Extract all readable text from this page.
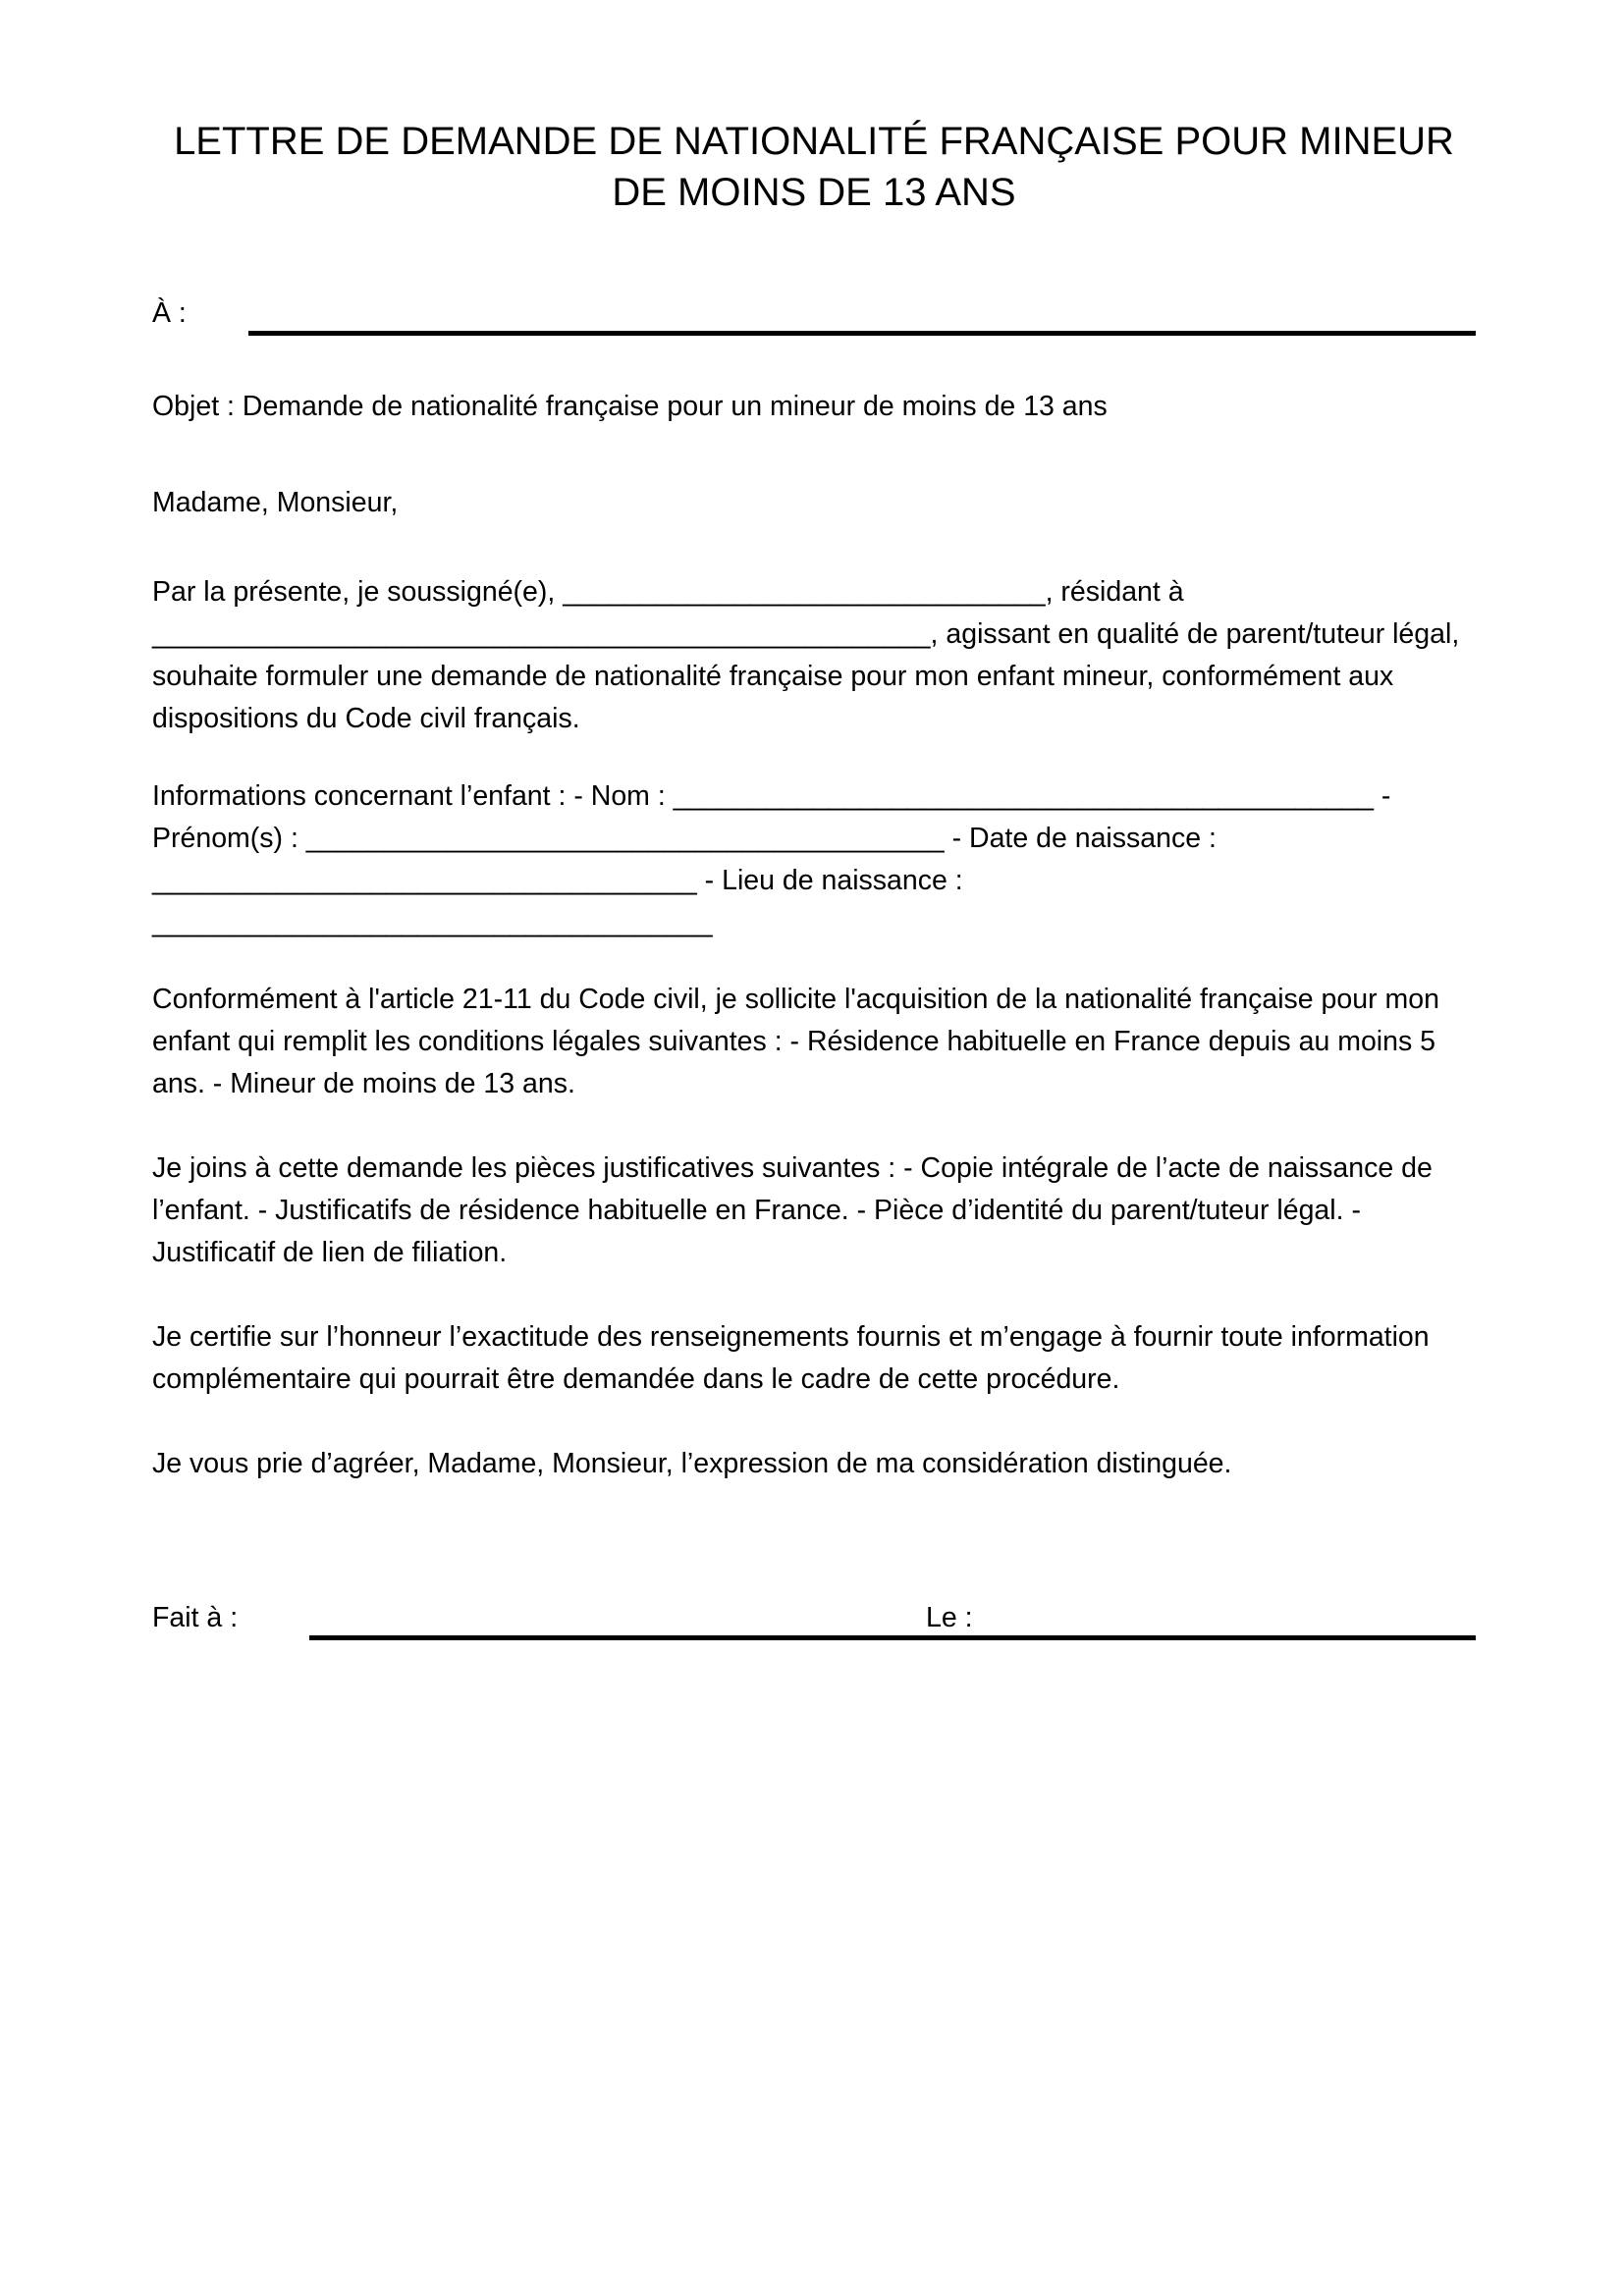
LETTRE DE DEMANDE DE NATIONALITÉ FRANÇAISE POUR MINEUR
DE MOINS DE 13 ANS
À :

Objet : Demande de nationalité française pour un mineur de moins de 13 ans

Madame, Monsieur,

Par la présente, je soussigné(e), _______________________________, résidant à __________________________________________________, agissant en qualité de parent/tuteur légal, souhaite formuler une demande de nationalité française pour mon enfant mineur, conformément aux dispositions du Code civil français.

Informations concernant l’enfant : - Nom : _____________________________________________ - Prénom(s) : _________________________________________ - Date de naissance : ___________________________________ - Lieu de naissance : ____________________________________

Conformément à l'article 21-11 du Code civil, je sollicite l'acquisition de la nationalité française pour mon enfant qui remplit les conditions légales suivantes : - Résidence habituelle en France depuis au moins 5 ans. - Mineur de moins de 13 ans.

Je joins à cette demande les pièces justificatives suivantes : - Copie intégrale de l’acte de naissance de l’enfant. - Justificatifs de résidence habituelle en France. - Pièce d’identité du parent/tuteur légal. - Justificatif de lien de filiation.

Je certifie sur l’honneur l’exactitude des renseignements fournis et m’engage à fournir toute information complémentaire qui pourrait être demandée dans le cadre de cette procédure.

Je vous prie d’agréer, Madame, Monsieur, l’expression de ma considération distinguée.

Fait à :	Le :
